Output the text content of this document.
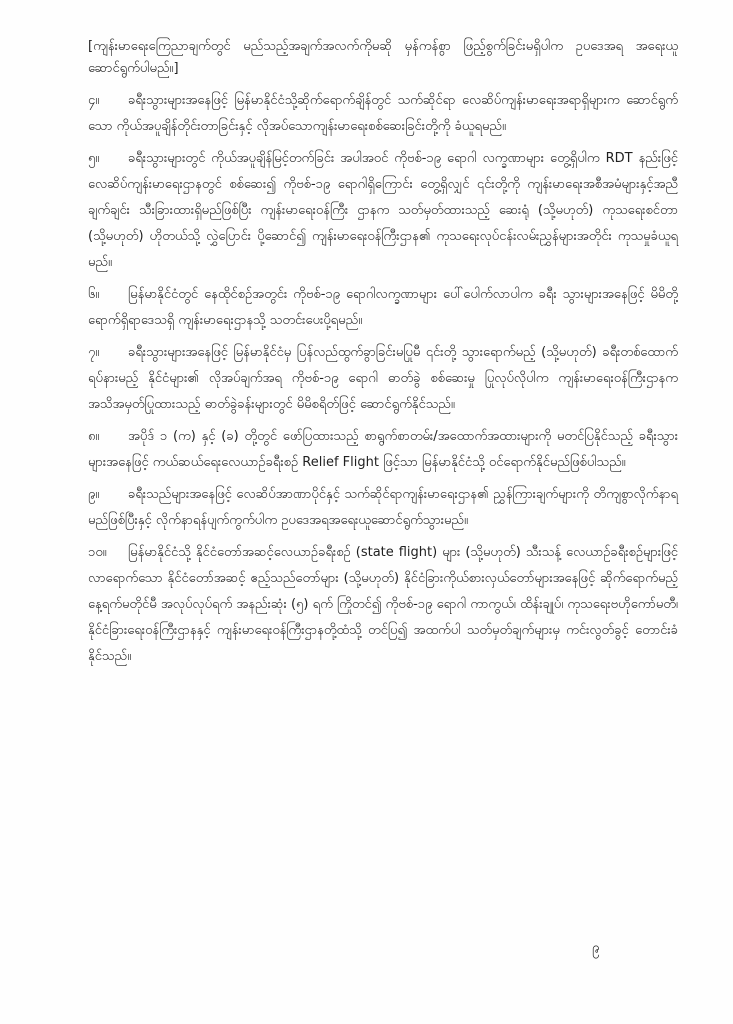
[ကျန်းမာရေးကြေညာချက်တွင် မည်သည့်အချက်အလက်ကိုမဆို မှန်ကန်စွာ ဖြည့်စွက်ခြင်းမရှိပါက ဥပဒေအရ အရေးယူဆောင်ရွက်ပါမည်။]

၄။ ခရီးသွားများအနေဖြင့် မြန်မာနိုင်ငံသို့ဆိုက်ရောက်ချိန်တွင် သက်ဆိုင်ရာ လေဆိပ်ကျန်းမာရေးအရာရှိများက ဆောင်ရွက်သော ကိုယ်အပူချိန်တိုင်းတာခြင်းနှင့် လိုအပ်သောကျန်းမာရေးစစ်ဆေးခြင်းတို့ကို ခံယူရမည်။

၅။ ခရီးသွားများတွင် ကိုယ်အပူချိန်မြင့်တက်ခြင်း အပါအဝင် ကိုဗစ်-၁၉ ရောဂါ လက္ခဏာများ တွေ့ရှိပါက RDT နည်းဖြင့် လေဆိပ်ကျန်းမာရေးဌာနတွင် စစ်ဆေး၍ ကိုဗစ်-၁၉ ရောဂါရှိကြောင်း တွေ့ရှိလျှင် ၎င်းတို့ကို ကျန်းမာရေးအစီအမံများနှင့်အညီ ချက်ချင်း သီးခြားထားရှိမည်ဖြစ်ပြီး ကျန်းမာရေးဝန်ကြီး ဌာနက သတ်မှတ်ထားသည့် ဆေးရုံ (သို့မဟုတ်) ကုသရေးစင်တာ (သို့မဟုတ်) ဟိုတယ်သို့ လွှဲပြောင်း ပို့ဆောင်၍ ကျန်းမာရေးဝန်ကြီးဌာန၏ ကုသရေးလုပ်ငန်းလမ်းညွှန်များအတိုင်း ကုသမှုခံယူရမည်။

၆။ မြန်မာနိုင်ငံတွင် နေထိုင်စဉ်အတွင်း ကိုဗစ်-၁၉ ရောဂါလက္ခဏာများ ပေါ်ပေါက်လာပါက ခရီး သွားများအနေဖြင့် မိမိတို့ရောက်ရှိရာဒေသရှိ ကျန်းမာရေးဌာနသို့ သတင်းပေးပို့ရမည်။

၇။ ခရီးသွားများအနေဖြင့် မြန်မာနိုင်ငံမှ ပြန်လည်ထွက်ခွာခြင်းမပြုမီ ၎င်းတို့ သွားရောက်မည့် (သို့မဟုတ်) ခရီးတစ်ထောက်ရပ်နားမည့် နိုင်ငံများ၏ လိုအပ်ချက်အရ ကိုဗစ်-၁၉ ရောဂါ ဓာတ်ခွဲ စစ်ဆေးမှု ပြုလုပ်လိုပါက ကျန်းမာရေးဝန်ကြီးဌာနက အသိအမှတ်ပြုထားသည့် ဓာတ်ခွဲခန်းများတွင် မိမိစရိတ်ဖြင့် ဆောင်ရွက်နိုင်သည်။

၈။ အပိုဒ် ၁ (က) နှင့် (ခ) တို့တွင် ဖော်ပြထားသည့် စာရွက်စာတမ်း/အထောက်အထားများကို မတင်ပြနိုင်သည့် ခရီးသွားများအနေဖြင့် ကယ်ဆယ်ရေးလေယာဉ်ခရီးစဉ် Relief Flight ဖြင့်သာ မြန်မာနိုင်ငံသို့ ဝင်ရောက်နိုင်မည်ဖြစ်ပါသည်။

၉။ ခရီးသည်များအနေဖြင့် လေဆိပ်အာဏာပိုင်နှင့် သက်ဆိုင်ရာကျန်းမာရေးဌာန၏ ညွှန်ကြားချက်များကို တိကျစွာလိုက်နာရမည်ဖြစ်ပြီးနှင့် လိုက်နာရန်ပျက်ကွက်ပါက ဥပဒေအရအရေးယူဆောင်ရွက်သွားမည်။

၁၀။ မြန်မာနိုင်ငံသို့ နိုင်ငံတော်အဆင့်လေယာဉ်ခရီးစဉ် (state flight) များ (သို့မဟုတ်) သီးသန့် လေယာဉ်ခရီးစဉ်များဖြင့် လာရောက်သော နိုင်ငံတော်အဆင့် ဧည့်သည်တော်များ (သို့မဟုတ်) နိုင်ငံခြားကိုယ်စားလှယ်တော်များအနေဖြင့် ဆိုက်ရောက်မည့် နေ့ရက်မတိုင်မီ အလုပ်လုပ်ရက် အနည်းဆုံး (၅) ရက် ကြိုတင်၍ ကိုဗစ်-၁၉ ရောဂါ ကာကွယ်၊ ထိန်းချုပ်၊ ကုသရေးဗဟိုကော်မတီ၊ နိုင်ငံခြားရေးဝန်ကြီးဌာနနှင့် ကျန်းမာရေးဝန်ကြီးဌာနတို့ထံသို့ တင်ပြ၍ အထက်ပါ သတ်မှတ်ချက်များမှ ကင်းလွတ်ခွင့် တောင်းခံနိုင်သည်။

၉
